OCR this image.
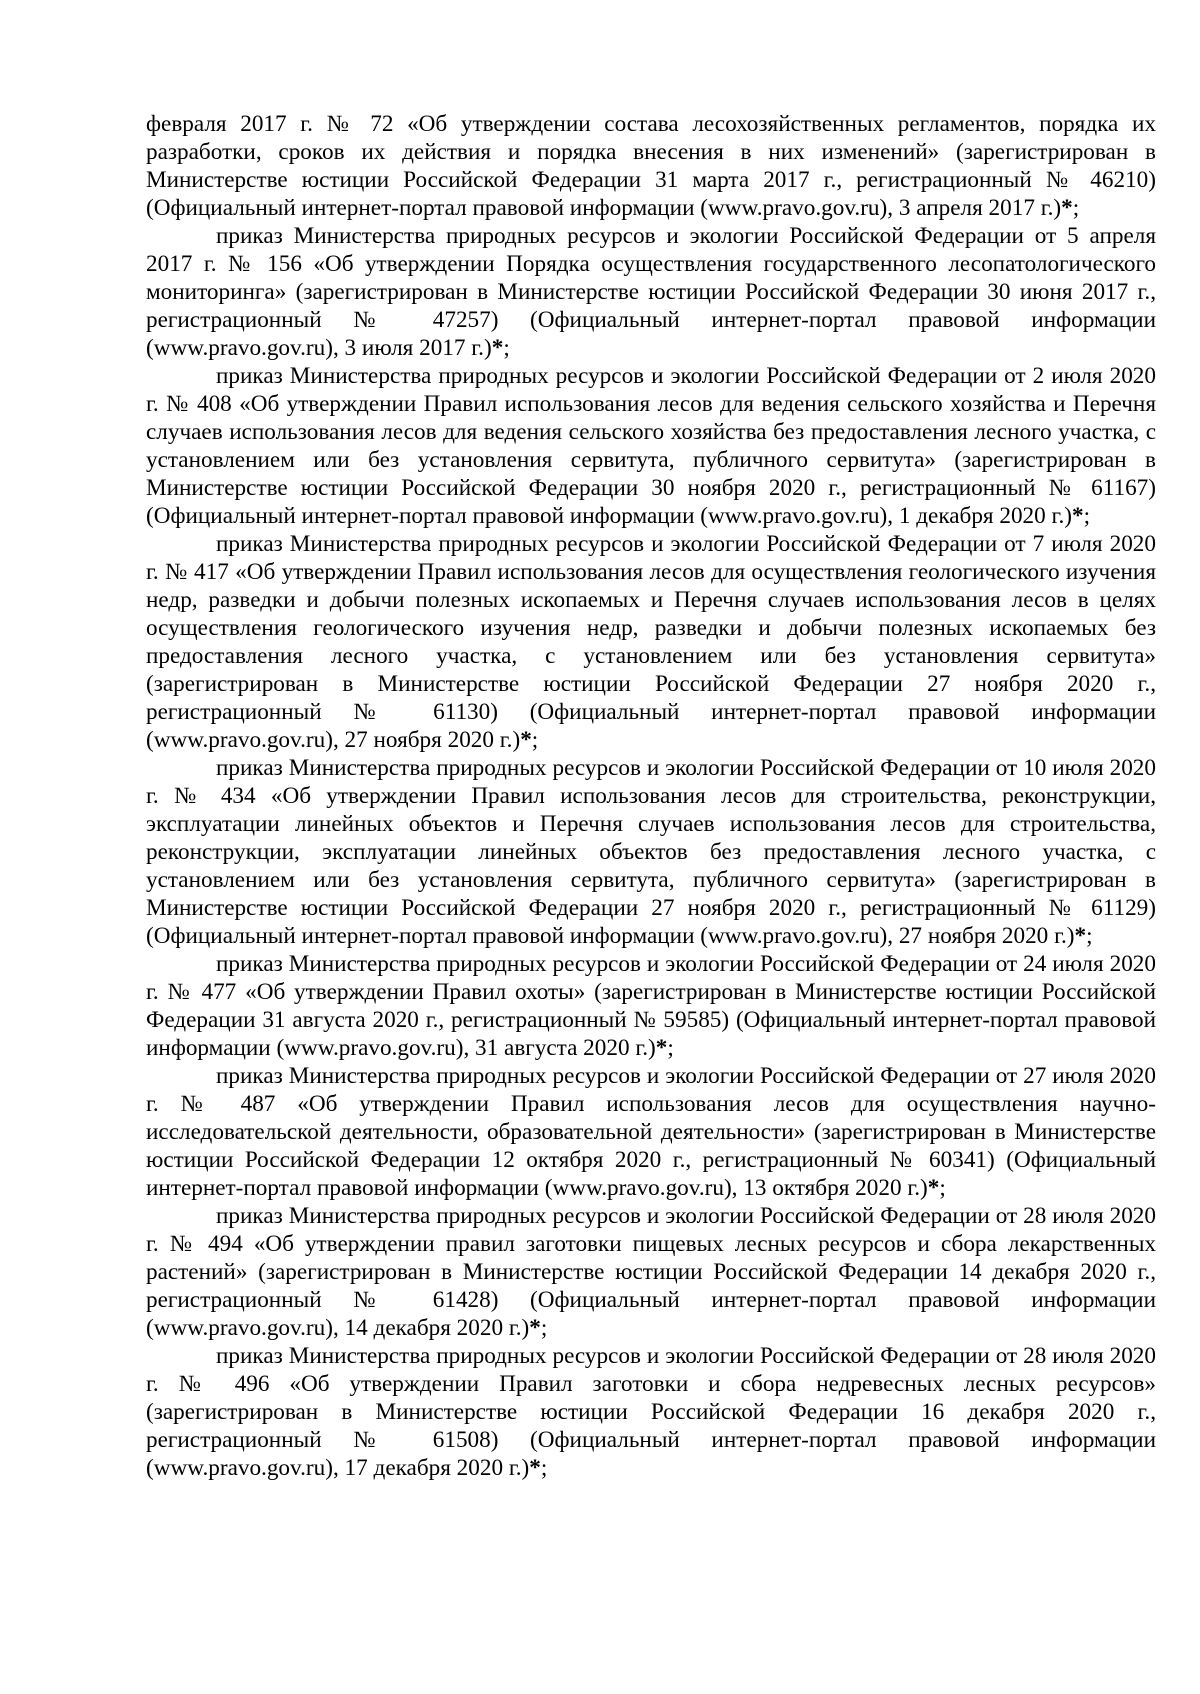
февраля 2017 г. № 72 «Об утверждении состава лесохозяйственных регламентов, порядка их разработки, сроков их действия и порядка внесения в них изменений» (зарегистрирован в Министерстве юстиции Российской Федерации 31 марта 2017 г., регистрационный № 46210) (Официальный интернет-портал правовой информации (www.pravo.gov.ru), 3 апреля 2017 г.)*;

приказ Министерства природных ресурсов и экологии Российской Федерации от 5 апреля 2017 г. № 156 «Об утверждении Порядка осуществления государственного лесопатологического мониторинга» (зарегистрирован в Министерстве юстиции Российской Федерации 30 июня 2017 г., регистрационный № 47257) (Официальный интернет-портал правовой информации (www.pravo.gov.ru), 3 июля 2017 г.)*;

приказ Министерства природных ресурсов и экологии Российской Федерации от 2 июля 2020 г. № 408 «Об утверждении Правил использования лесов для ведения сельского хозяйства и Перечня случаев использования лесов для ведения сельского хозяйства без предоставления лесного участка, с установлением или без установления сервитута, публичного сервитута» (зарегистрирован в Министерстве юстиции Российской Федерации 30 ноября 2020 г., регистрационный № 61167) (Официальный интернет-портал правовой информации (www.pravo.gov.ru), 1 декабря 2020 г.)*;

приказ Министерства природных ресурсов и экологии Российской Федерации от 7 июля 2020 г. № 417 «Об утверждении Правил использования лесов для осуществления геологического изучения недр, разведки и добычи полезных ископаемых и Перечня случаев использования лесов в целях осуществления геологического изучения недр, разведки и добычи полезных ископаемых без предоставления лесного участка, с установлением или без установления сервитута» (зарегистрирован в Министерстве юстиции Российской Федерации 27 ноября 2020 г., регистрационный № 61130) (Официальный интернет-портал правовой информации (www.pravo.gov.ru), 27 ноября 2020 г.)*;

приказ Министерства природных ресурсов и экологии Российской Федерации от 10 июля 2020 г. № 434 «Об утверждении Правил использования лесов для строительства, реконструкции, эксплуатации линейных объектов и Перечня случаев использования лесов для строительства, реконструкции, эксплуатации линейных объектов без предоставления лесного участка, с установлением или без установления сервитута, публичного сервитута» (зарегистрирован в Министерстве юстиции Российской Федерации 27 ноября 2020 г., регистрационный № 61129) (Официальный интернет-портал правовой информации (www.pravo.gov.ru), 27 ноября 2020 г.)*;

приказ Министерства природных ресурсов и экологии Российской Федерации от 24 июля 2020 г. № 477 «Об утверждении Правил охоты» (зарегистрирован в Министерстве юстиции Российской Федерации 31 августа 2020 г., регистрационный № 59585) (Официальный интернет-портал правовой информации (www.pravo.gov.ru), 31 августа 2020 г.)*;

приказ Министерства природных ресурсов и экологии Российской Федерации от 27 июля 2020 г. № 487 «Об утверждении Правил использования лесов для осуществления научно-исследовательской деятельности, образовательной деятельности» (зарегистрирован в Министерстве юстиции Российской Федерации 12 октября 2020 г., регистрационный № 60341) (Официальный интернет-портал правовой информации (www.pravo.gov.ru), 13 октября 2020 г.)*;

приказ Министерства природных ресурсов и экологии Российской Федерации от 28 июля 2020 г. № 494 «Об утверждении правил заготовки пищевых лесных ресурсов и сбора лекарственных растений» (зарегистрирован в Министерстве юстиции Российской Федерации 14 декабря 2020 г., регистрационный № 61428) (Официальный интернет-портал правовой информации (www.pravo.gov.ru), 14 декабря 2020 г.)*;

приказ Министерства природных ресурсов и экологии Российской Федерации от 28 июля 2020 г. № 496 «Об утверждении Правил заготовки и сбора недревесных лесных ресурсов» (зарегистрирован в Министерстве юстиции Российской Федерации 16 декабря 2020 г., регистрационный № 61508) (Официальный интернет-портал правовой информации (www.pravo.gov.ru), 17 декабря 2020 г.)*;
